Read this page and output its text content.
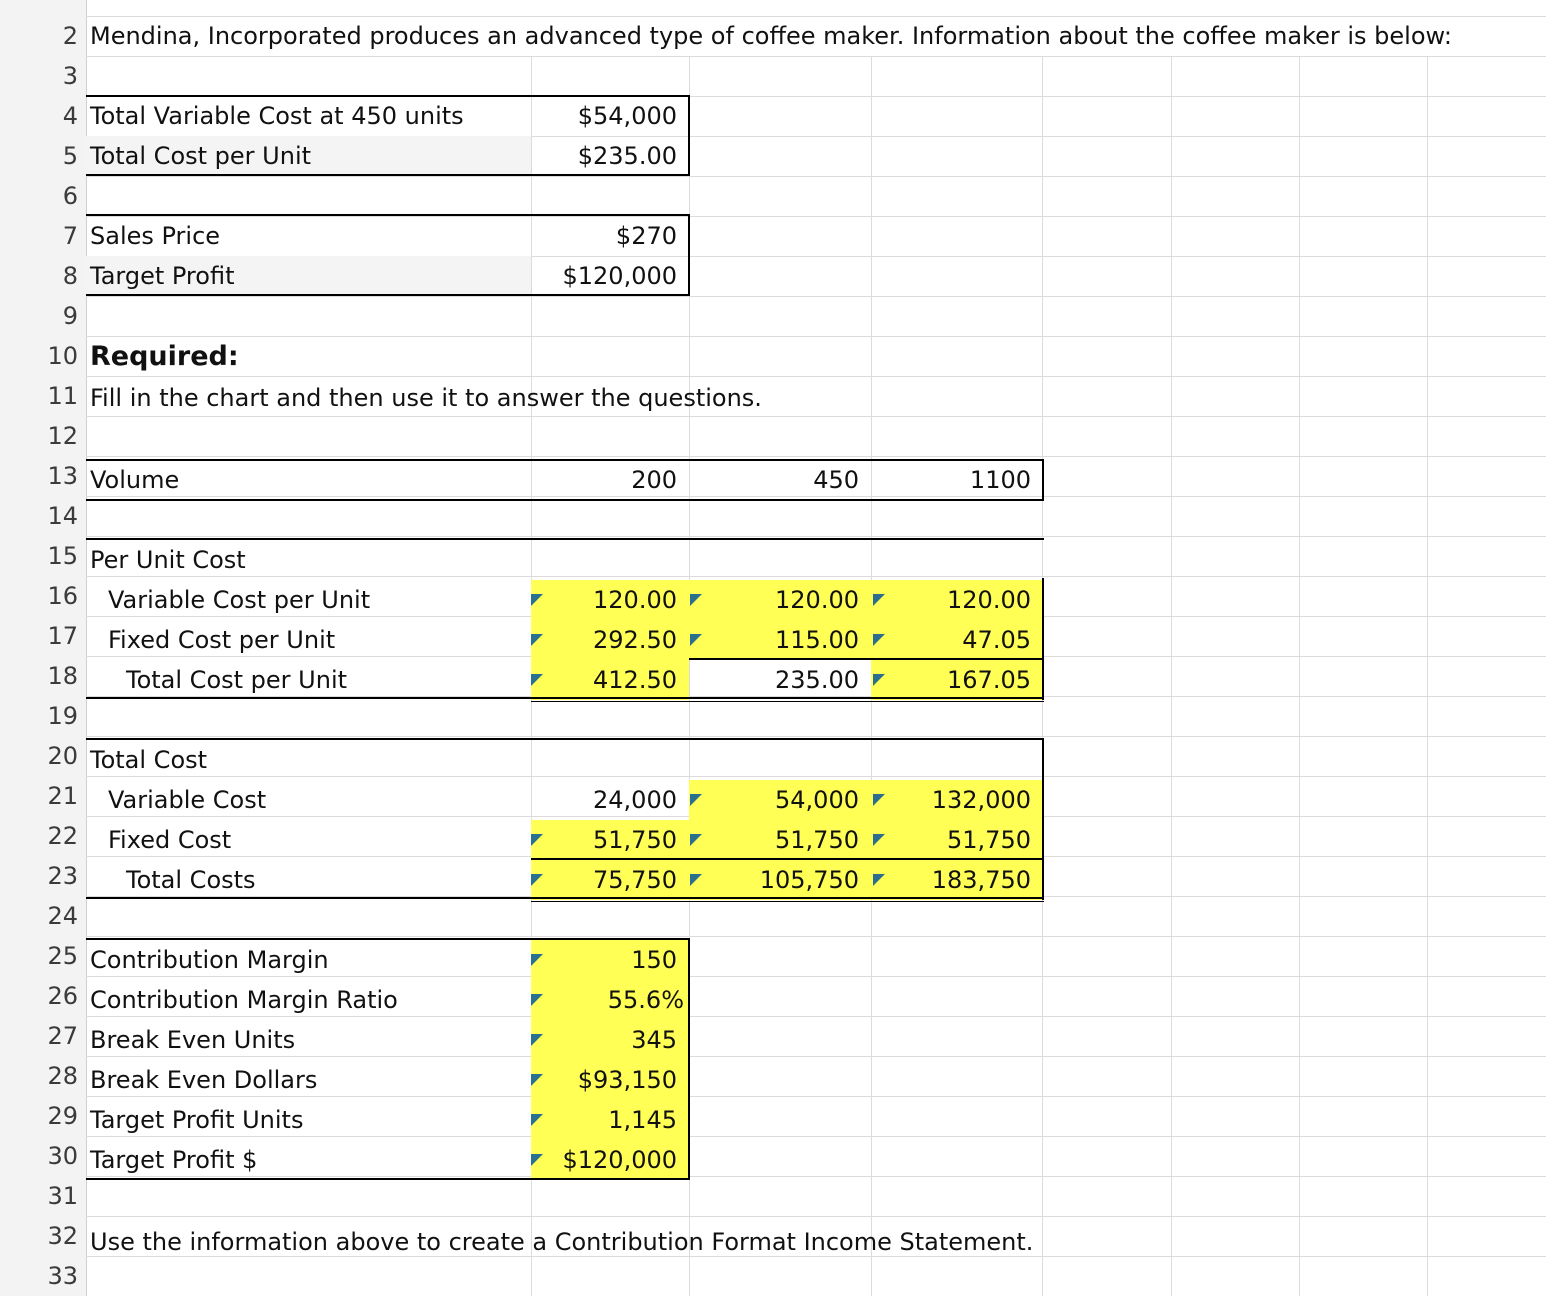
2
3
4
5
6
7
8
9
10
11
12
13
14
15
16
17
18
19
20
21
22
23
24
25
26
27
28
29
30
31
32
33
Mendina, Incorporated produces an advanced type of coffee maker. Information about the coffee maker is below:
Total Variable Cost at 450 units	$54,000
Total Cost per Unit	$235.00
Sales Price	$270
Target Profit	$120,000
Required:
Fill in the chart and then use it to answer the questions.
Volume	200	450	1100
Per Unit Cost
Variable Cost per Unit	120.00	120.00	120.00
Fixed Cost per Unit	292.50	115.00	47.05
Total Cost per Unit	412.50	235.00	167.05
Total Cost
Variable Cost	24,000	54,000	132,000
Fixed Cost	51,750	51,750	51,750
Total Costs	75,750	105,750	183,750
Contribution Margin	150
Contribution Margin Ratio	55.6%
Break Even Units	345
Break Even Dollars	$93,150
Target Profit Units	1,145
Target Profit $	$120,000
Use the information above to create a Contribution Format Income Statement.
